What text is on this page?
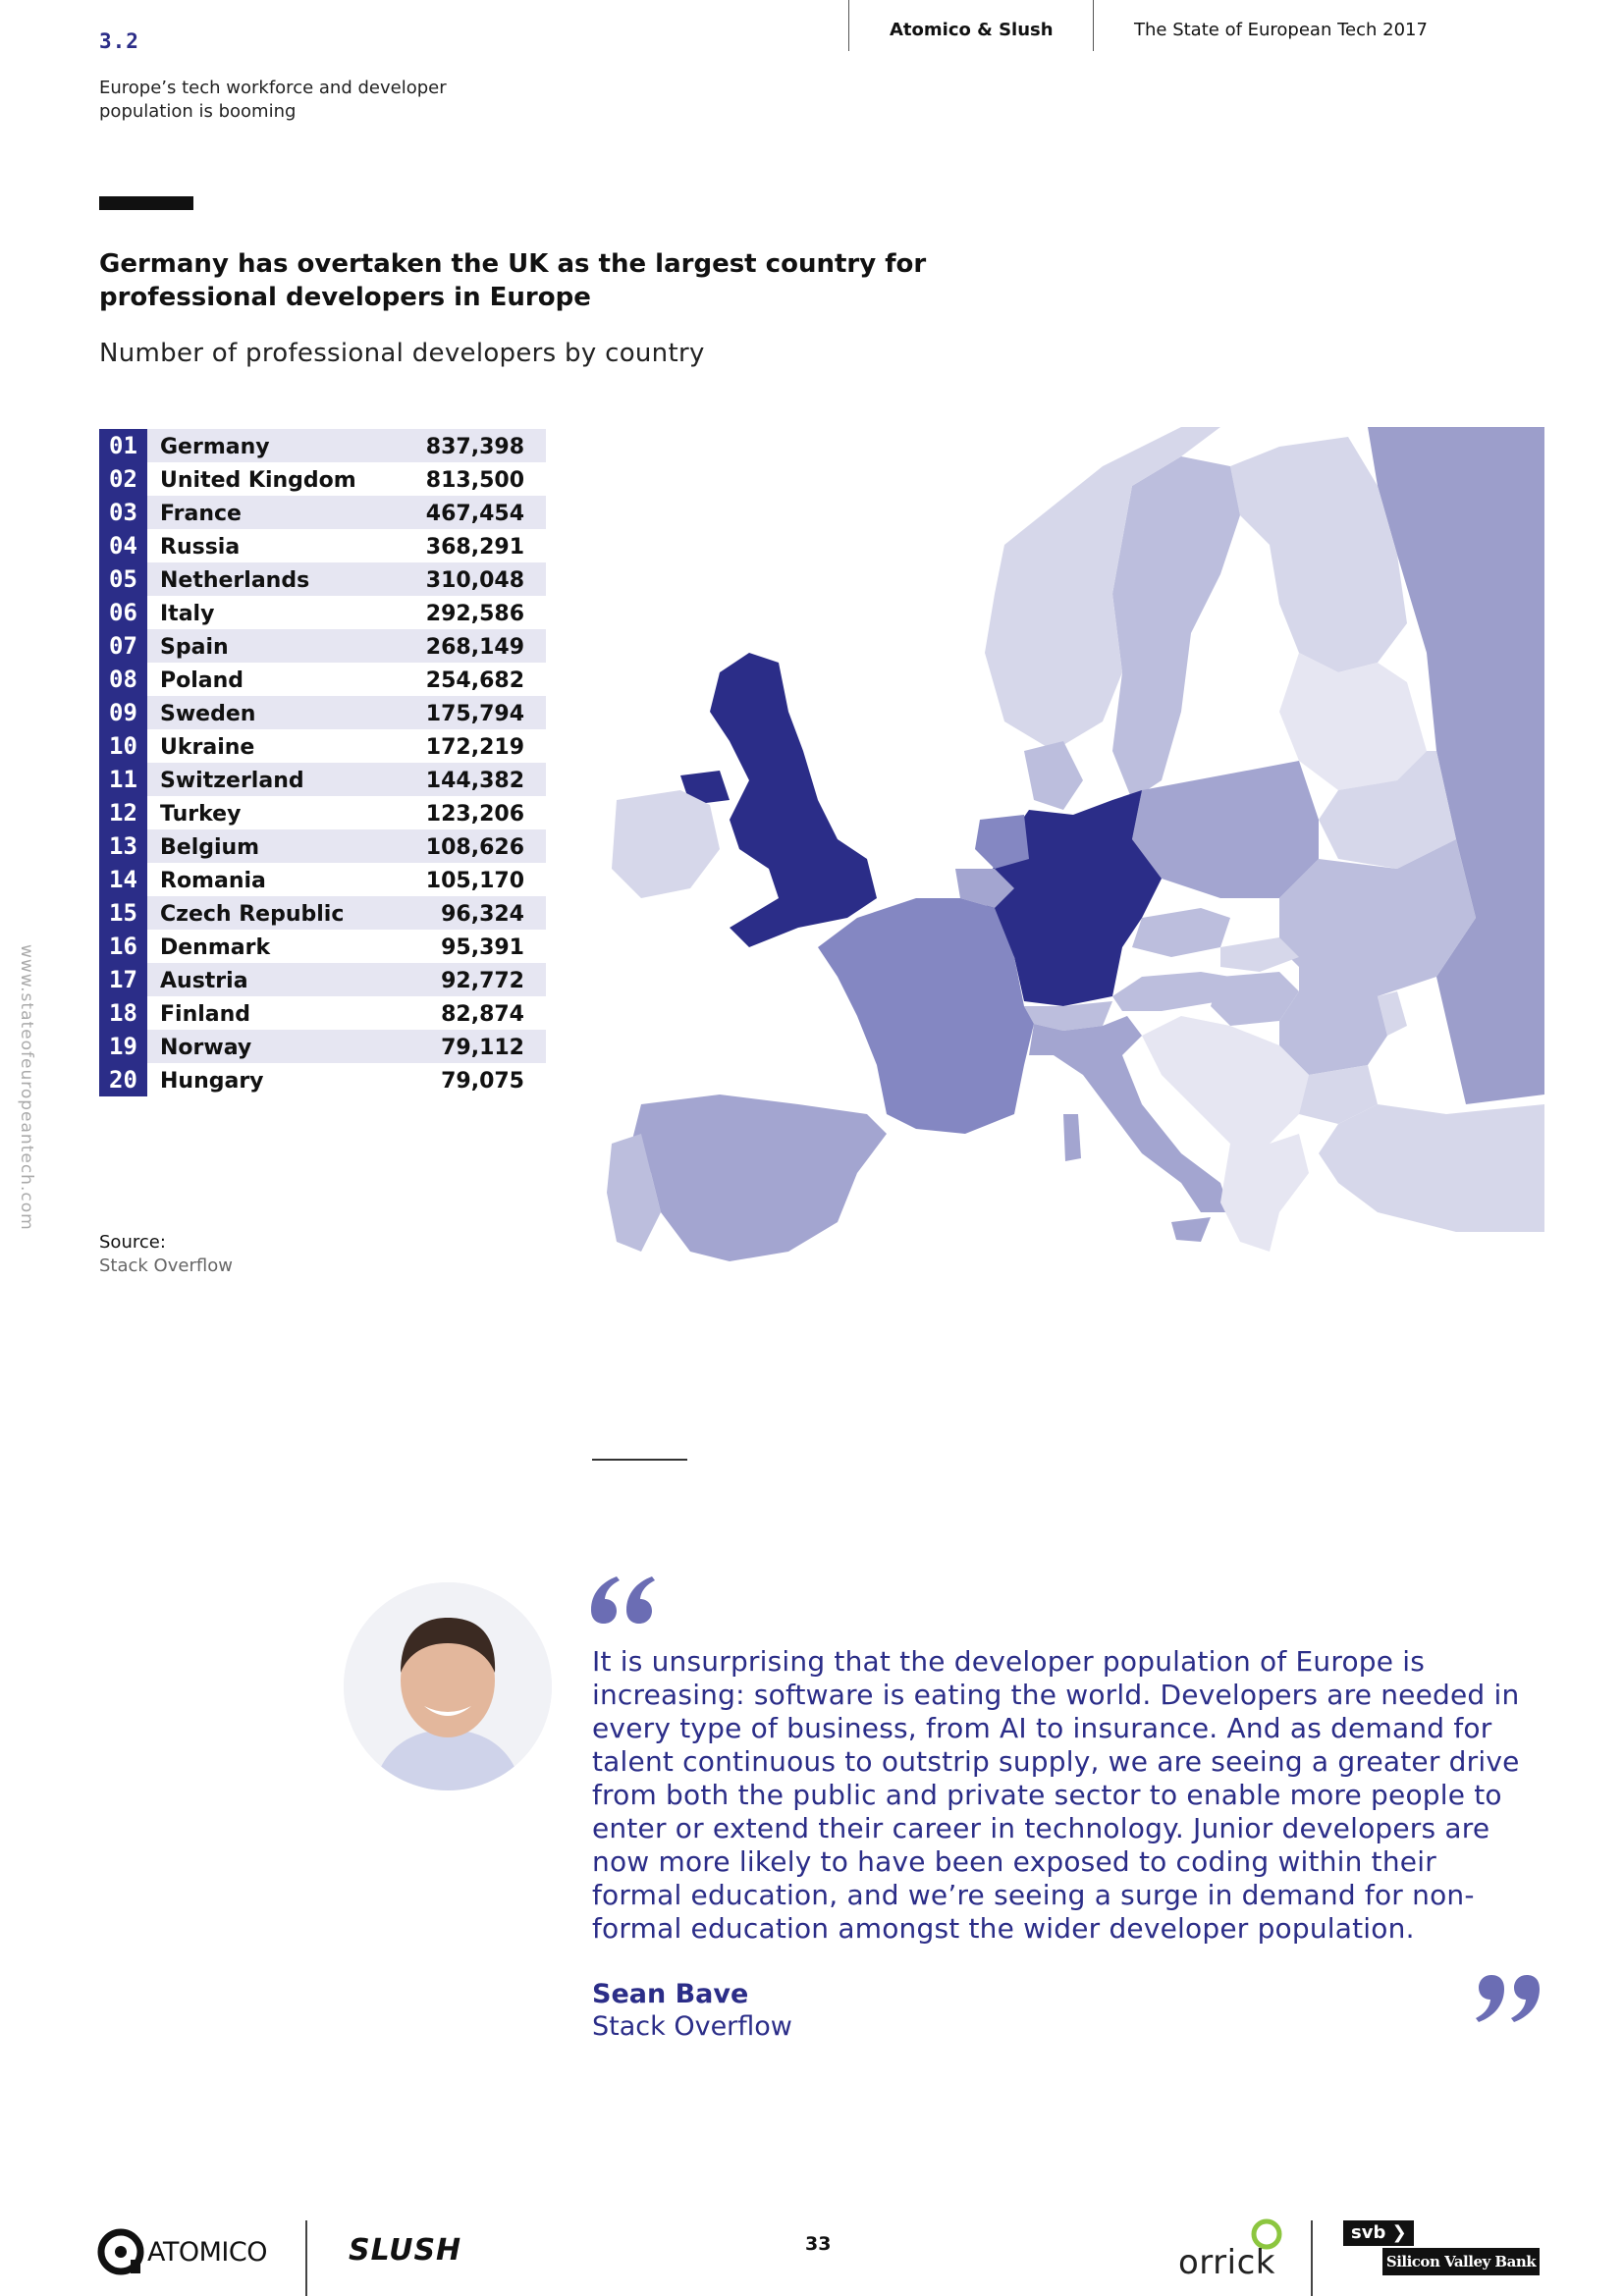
3.2
Europe’s tech workforce and developer population is booming
Atomico & Slush	The State of European Tech 2017
Germany has overtaken the UK as the largest country for professional developers in Europe
Number of professional developers by country
01	Germany	837,398
02	United Kingdom	813,500
03	France	467,454
04	Russia	368,291
05	Netherlands	310,048
06	Italy	292,586
07	Spain	268,149
08	Poland	254,682
09	Sweden	175,794
10	Ukraine	172,219
11	Switzerland	144,382
12	Turkey	123,206
13	Belgium	108,626
14	Romania	105,170
15	Czech Republic	96,324
16	Denmark	95,391
17	Austria	92,772
18	Finland	82,874
19	Norway	79,112
20	Hungary	79,075
www.stateofeuropeantech.com
Source:
Stack Overflow
It is unsurprising that the developer population of Europe is increasing: software is eating the world. Developers are needed in every type of business, from AI to insurance. And as demand for talent continuous to outstrip supply, we are seeing a greater drive from both the public and private sector to enable more people to enter or extend their career in technology. Junior developers are now more likely to have been exposed to coding within their formal education, and we’re seeing a surge in demand for non-formal education amongst the wider developer population.
Sean Bave
Stack Overflow
ATOMICO	SLUSH	33	orrick
svb ❯
Silicon Valley Bank
